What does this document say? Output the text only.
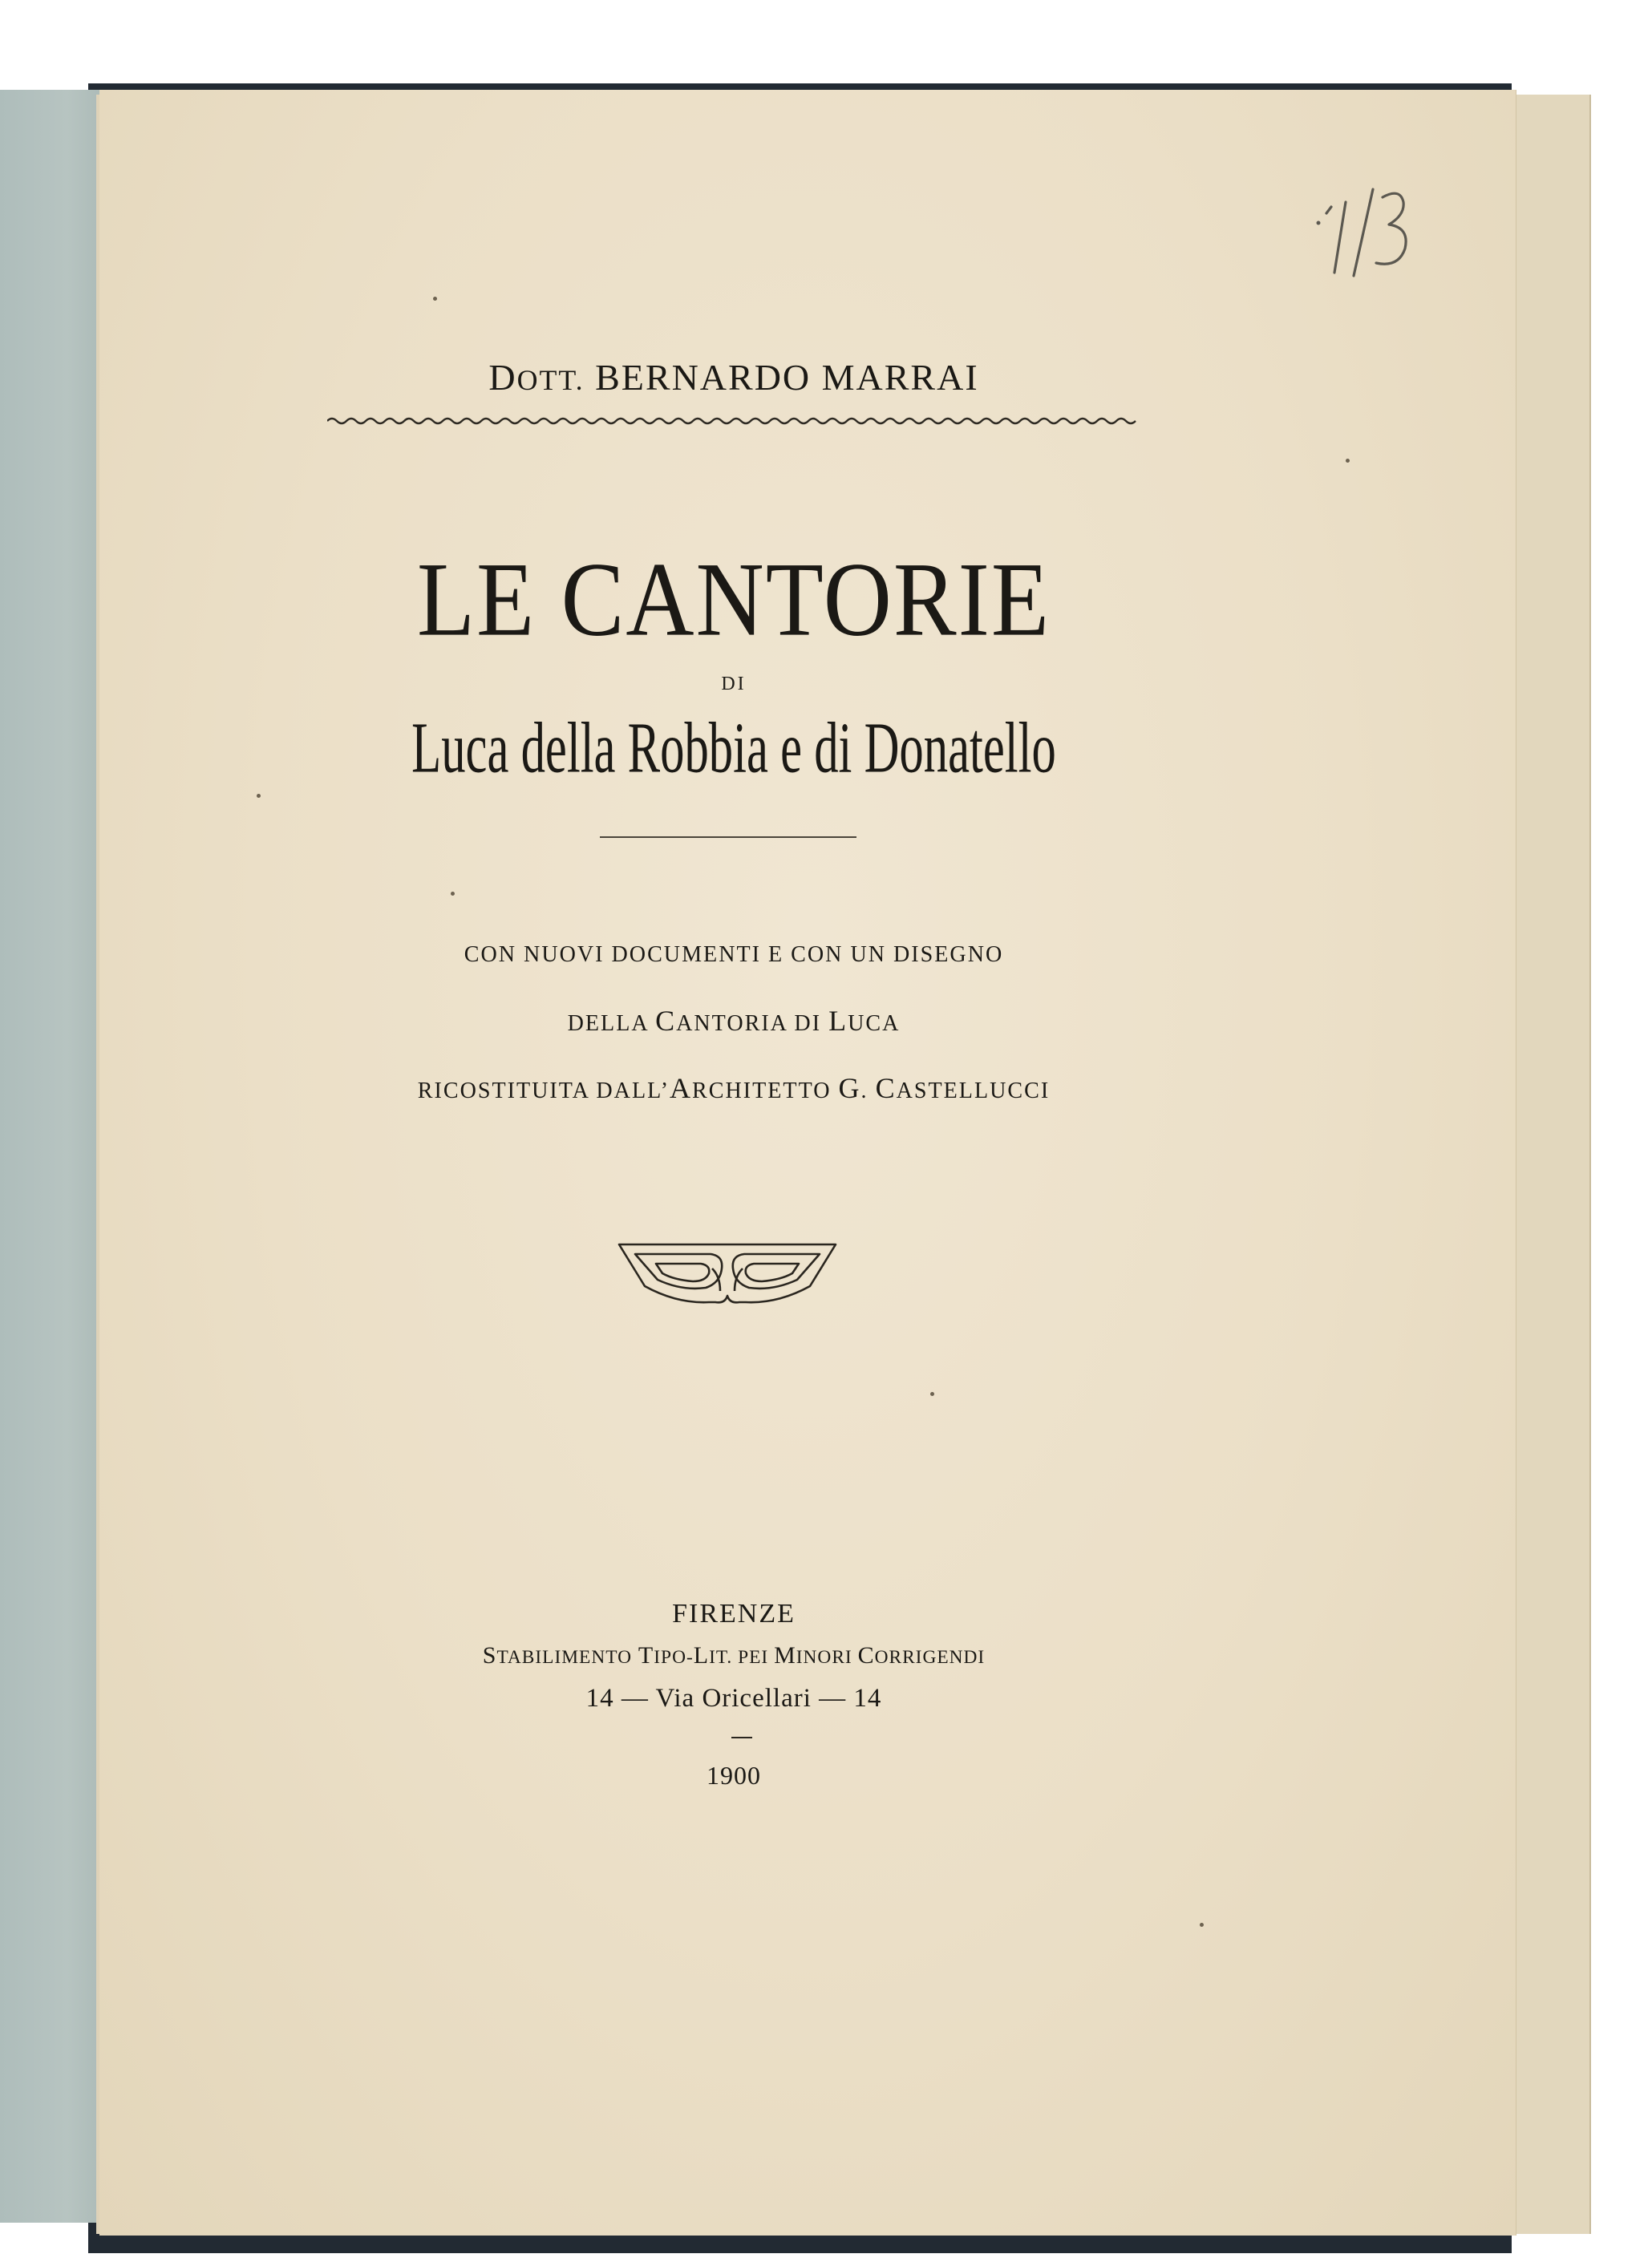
DOTT. BERNARDO MARRAI
LE CANTORIE
DI
Luca della Robbia e di Donatello
CON NUOVI DOCUMENTI E CON UN DISEGNO
DELLA CANTORIA DI LUCA
RICOSTITUITA DALL’ARCHITETTO G. CASTELLUCCI
FIRENZE
STABILIMENTO TIPO-LIT. PEI MINORI CORRIGENDI
14 — Via Oricellari — 14
1900
